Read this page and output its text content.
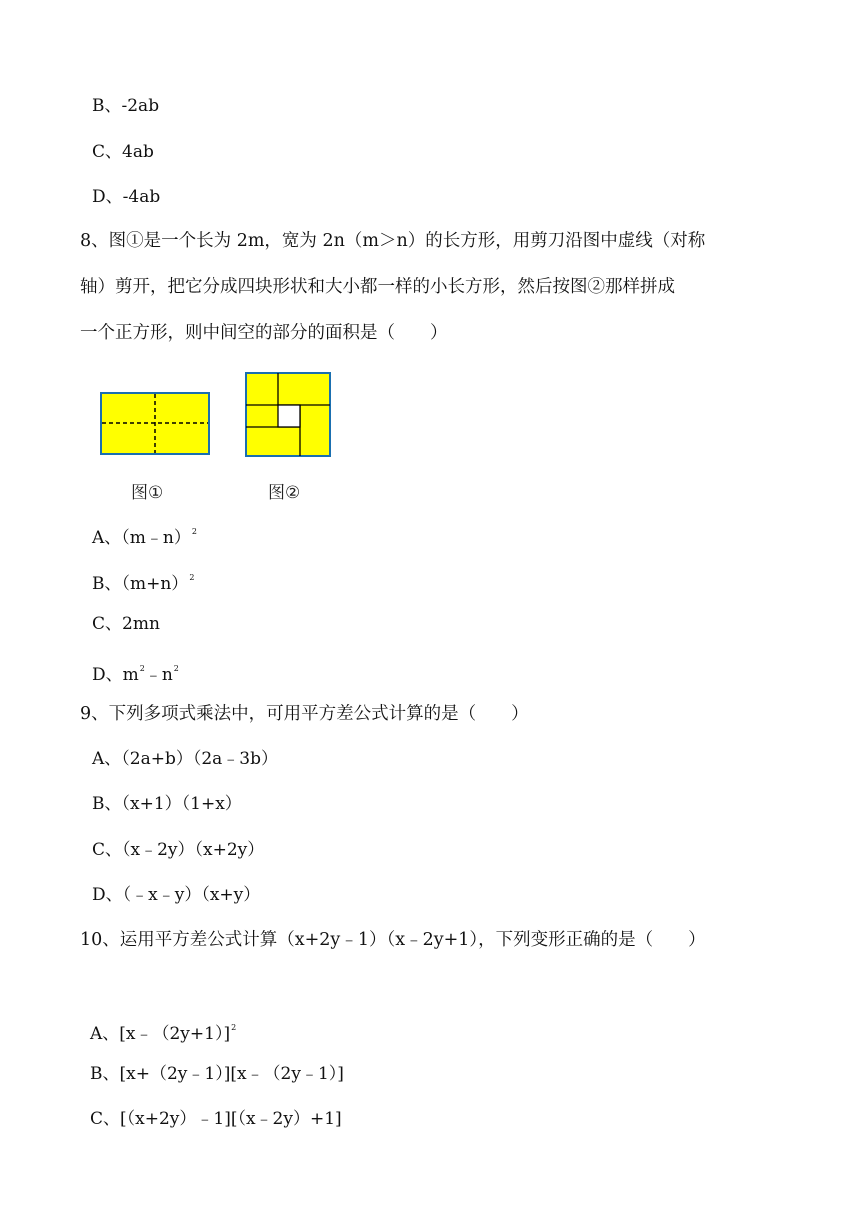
B、-2ab
C、4ab
D、-4ab
8、图①是一个长为 2m，宽为 2n（m＞n）的长方形，用剪刀沿图中虚线（对称
轴）剪开，把它分成四块形状和大小都一样的小长方形，然后按图②那样拼成
一个正方形，则中间空的部分的面积是（　　）
图①	图②
A、（m﹣n）$^2$
B、$(m+n)^2$
C、2mn
D、$m^2﹣n^2$
9、下列多项式乘法中，可用平方差公式计算的是（　　）
A、（2a+b）（2a﹣3b）
B、（x+1）（1+x）
C、（x﹣2y）（x+2y）
D、（﹣x﹣y）（x+y）
10、运用平方差公式计算（x+2y﹣1）（x﹣2y+1），下列变形正确的是（　　）
A、[x﹣（2y+1）]$^2$
B、[x+（2y﹣1）][x﹣（2y﹣1）]
C、[（x+2y）﹣1][（x﹣2y）+1]
